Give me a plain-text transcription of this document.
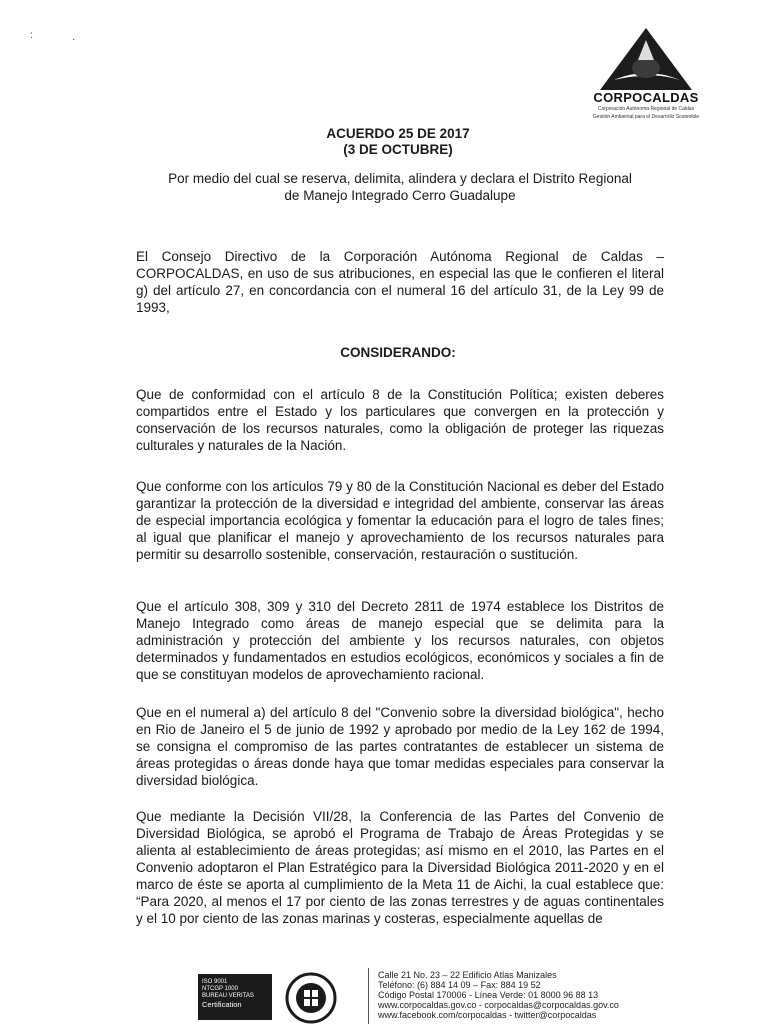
:	·
CORPOCALDAS
Corporación Autónoma Regional de Caldas
Gestión Ambiental para el Desarrollo Sostenible
ACUERDO 25 DE 2017
(3 DE OCTUBRE)
Por medio del cual se reserva, delimita, alindera y declara el Distrito Regional
de Manejo Integrado Cerro Guadalupe

El Consejo Directivo de la Corporación Autónoma Regional de Caldas – CORPOCALDAS, en uso de sus atribuciones, en especial las que le confieren el literal g) del artículo 27, en concordancia con el numeral 16 del artículo 31, de la Ley 99 de 1993,

CONSIDERANDO:

Que de conformidad con el artículo 8 de la Constitución Política; existen deberes compartidos entre el Estado y los particulares que convergen en la protección y conservación de los recursos naturales, como la obligación de proteger las riquezas culturales y naturales de la Nación.

Que conforme con los artículos 79 y 80 de la Constitución Nacional es deber del Estado garantizar la protección de la diversidad e integridad del ambiente, conservar las áreas de especial importancia ecológica y fomentar la educación para el logro de tales fines; al igual que planificar el manejo y aprovechamiento de los recursos naturales para permitir su desarrollo sostenible, conservación, restauración o sustitución.

Que el artículo 308, 309 y 310 del Decreto 2811 de 1974 establece los Distritos de Manejo Integrado como áreas de manejo especial que se delimita para la administración y protección del ambiente y los recursos naturales, con objetos determinados y fundamentados en estudios ecológicos, económicos y sociales a fin de que se constituyan modelos de aprovechamiento racional.

Que en el numeral a) del artículo 8 del "Convenio sobre la diversidad biológica", hecho en Rio de Janeiro el 5 de junio de 1992 y aprobado por medio de la Ley 162 de 1994, se consigna el compromiso de las partes contratantes de establecer un sistema de áreas protegidas o áreas donde haya que tomar medidas especiales para conservar la diversidad biológica.

Que mediante la Decisión VII/28, la Conferencia de las Partes del Convenio de Diversidad Biológica, se aprobó el Programa de Trabajo de Áreas Protegidas y se alienta al establecimiento de áreas protegidas; así mismo en el 2010, las Partes en el Convenio adoptaron el Plan Estratégico para la Diversidad Biológica 2011-2020 y en el marco de éste se aporta al cumplimiento de la Meta 11 de Aichi, la cual establece que: “Para 2020, al menos el 17 por ciento de las zonas terrestres y de aguas continentales y el 10 por ciento de las zonas marinas y costeras, especialmente aquellas de

ISO 9001
NTCGP 1000
BUREAU VERITAS
Certification
Calle 21 No. 23 – 22 Edificio Atlas Manizales
Teléfono: (6) 884 14 09 – Fax: 884 19 52
Código Postal 170006 - Línea Verde: 01 8000 96 88 13
www.corpocaldas.gov.co - corpocaldas@corpocaldas.gov.co
www.facebook.com/corpocaldas - twitter@corpocaldas
